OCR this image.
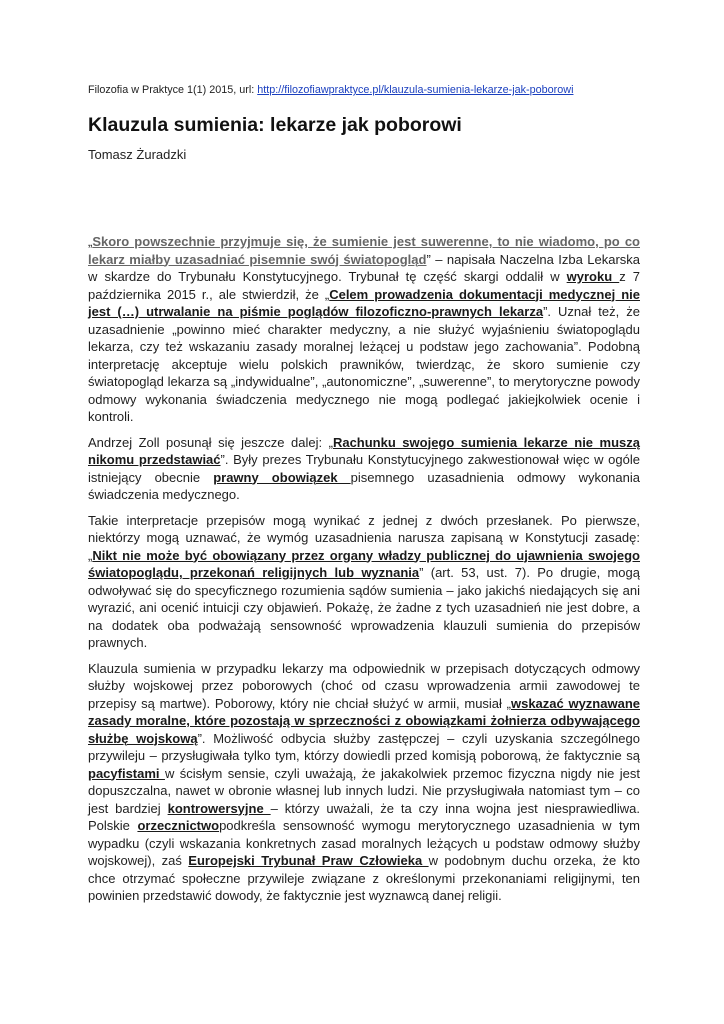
Filozofia w Praktyce 1(1) 2015, url: http://filozofiawpraktyce.pl/klauzula-sumienia-lekarze-jak-poborowi
Klauzula sumienia: lekarze jak poborowi
Tomasz Żuradzki

„Skoro powszechnie przyjmuje się, że sumienie jest suwerenne, to nie wiadomo, po co lekarz miałby uzasadniać pisemnie swój światopogląd” – napisała Naczelna Izba Lekarska w skardze do Trybunału Konstytucyjnego. Trybunał tę część skargi oddalił w wyroku z 7 października 2015 r., ale stwierdził, że „Celem prowadzenia dokumentacji medycznej nie jest (…) utrwalanie na piśmie poglądów filozoficzno-prawnych lekarza”. Uznał też, że uzasadnienie „powinno mieć charakter medyczny, a nie służyć wyjaśnieniu światopoglądu lekarza, czy też wskazaniu zasady moralnej leżącej u podstaw jego zachowania”. Podobną interpretację akceptuje wielu polskich prawników, twierdząc, że skoro sumienie czy światopogląd lekarza są „indywidualne”, „autonomiczne”, „suwerenne”, to merytoryczne powody odmowy wykonania świadczenia medycznego nie mogą podlegać jakiejkolwiek ocenie i kontroli.

Andrzej Zoll posunął się jeszcze dalej: „Rachunku swojego sumienia lekarze nie muszą nikomu przedstawiać”. Były prezes Trybunału Konstytucyjnego zakwestionował więc w ogóle istniejący obecnie prawny obowiązek pisemnego uzasadnienia odmowy wykonania świadczenia medycznego.

Takie interpretacje przepisów mogą wynikać z jednej z dwóch przesłanek. Po pierwsze, niektórzy mogą uznawać, że wymóg uzasadnienia narusza zapisaną w Konstytucji zasadę: „Nikt nie może być obowiązany przez organy władzy publicznej do ujawnienia swojego światopoglądu, przekonań religijnych lub wyznania” (art. 53, ust. 7). Po drugie, mogą odwoływać się do specyficznego rozumienia sądów sumienia – jako jakichś niedających się ani wyrazić, ani ocenić intuicji czy objawień. Pokażę, że żadne z tych uzasadnień nie jest dobre, a na dodatek oba podważają sensowność wprowadzenia klauzuli sumienia do przepisów prawnych.

Klauzula sumienia w przypadku lekarzy ma odpowiednik w przepisach dotyczących odmowy służby wojskowej przez poborowych (choć od czasu wprowadzenia armii zawodowej te przepisy są martwe). Poborowy, który nie chciał służyć w armii, musiał „wskazać wyznawane zasady moralne, które pozostają w sprzeczności z obowiązkami żołnierza odbywającego służbę wojskową”. Możliwość odbycia służby zastępczej – czyli uzyskania szczególnego przywileju – przysługiwała tylko tym, którzy dowiedli przed komisją poborową, że faktycznie są pacyfistami w ścisłym sensie, czyli uważają, że jakakolwiek przemoc fizyczna nigdy nie jest dopuszczalna, nawet w obronie własnej lub innych ludzi. Nie przysługiwała natomiast tym – co jest bardziej kontrowersyjne – którzy uważali, że ta czy inna wojna jest niesprawiedliwa. Polskie orzecznictwopodkreśla sensowność wymogu merytorycznego uzasadnienia w tym wypadku (czyli wskazania konkretnych zasad moralnych leżących u podstaw odmowy służby wojskowej), zaś Europejski Trybunał Praw Człowieka w podobnym duchu orzeka, że kto chce otrzymać społeczne przywileje związane z określonymi przekonaniami religijnymi, ten powinien przedstawić dowody, że faktycznie jest wyznawcą danej religii.
